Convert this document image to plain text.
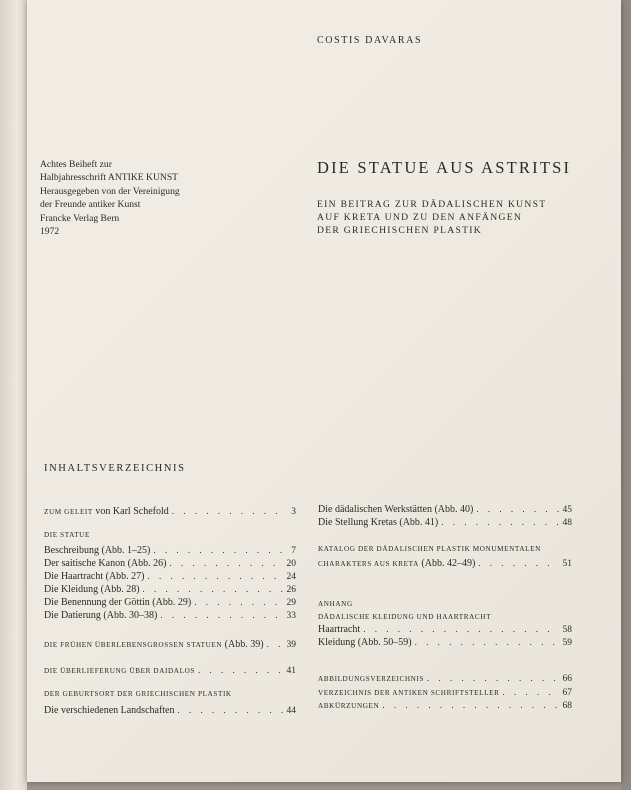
COSTIS DAVARAS
Achtes Beiheft zur
Halbjahresschrift ANTIKE KUNST
Herausgegeben von der Vereinigung
der Freunde antiker Kunst
Francke Verlag Bern
1972
DIE STATUE AUS ASTRITSI
EIN BEITRAG ZUR DÄDALISCHEN KUNST
AUF KRETA UND ZU DEN ANFÄNGEN
DER GRIECHISCHEN PLASTIK
INHALTSVERZEICHNIS
ZUM GELEIT von Karl Schefold . . .	3
DIE STATUE
Beschreibung (Abb. 1–25) . . .	7
Der saitische Kanon (Abb. 26) . . .	20
Die Haartracht (Abb. 27) . . .	24
Die Kleidung (Abb. 28) . . .	26
Die Benennung der Göttin (Abb. 29) . . .	29
Die Datierung (Abb. 30–38) . . .	33
DIE FRÜHEN ÜBERLEBENSGROSSEN STATUEN (Abb. 39) . . . 39
DIE ÜBERLIEFERUNG ÜBER DAIDALOS . . .	41
DER GEBURTSORT DER GRIECHISCHEN PLASTIK
Die verschiedenen Landschaften . . .	44
Die dädalischen Werkstätten (Abb. 40) . . .	45
Die Stellung Kretas (Abb. 41) . . .	48
KATALOG DER DÄDALISCHEN PLASTIK MONUMENTALEN
CHARAKTERS AUS KRETA (Abb. 42–49) . . .	51
ANHANG
DÄDALISCHE KLEIDUNG UND HAARTRACHT
Haartracht . . .	58
Kleidung (Abb. 50–59) . . .	59
ABBILDUNGSVERZEICHNIS . . .	66
VERZEICHNIS DER ANTIKEN SCHRIFTSTELLER . . .	67
ABKÜRZUNGEN . . .	68
